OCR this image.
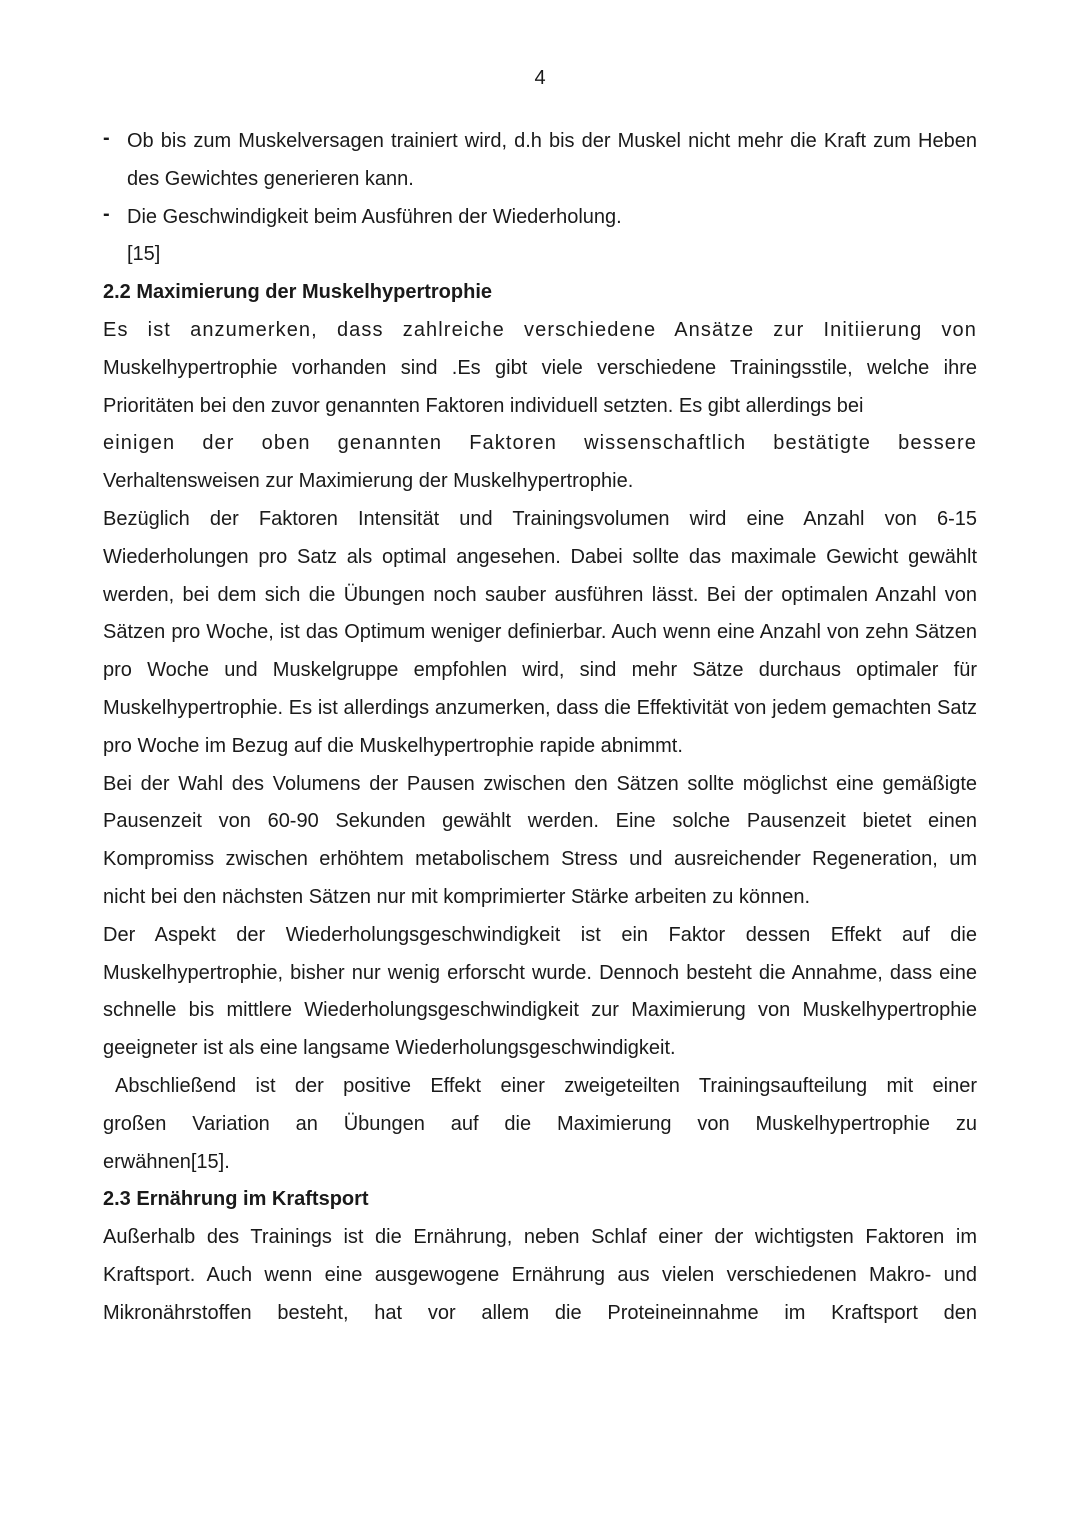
4
- Ob bis zum Muskelversagen trainiert wird, d.h bis der Muskel nicht mehr die Kraft zum Heben des Gewichtes generieren kann.
- Die Geschwindigkeit beim Ausführen der Wiederholung.
[15]
2.2 Maximierung der Muskelhypertrophie
Es ist anzumerken, dass zahlreiche verschiedene Ansätze zur Initiierung von
Muskelhypertrophie vorhanden sind .Es gibt viele verschiedene Trainingsstile, welche ihre Prioritäten bei den zuvor genannten Faktoren individuell setzten. Es gibt allerdings bei
einigen der oben genannten Faktoren wissenschaftlich bestätigte bessere
Verhaltensweisen zur Maximierung der Muskelhypertrophie.
Bezüglich der Faktoren Intensität und Trainingsvolumen wird eine Anzahl von 6-15 Wiederholungen pro Satz als optimal angesehen. Dabei sollte das maximale Gewicht gewählt werden, bei dem sich die Übungen noch sauber ausführen lässt. Bei der optimalen Anzahl von Sätzen pro Woche, ist das Optimum weniger definierbar. Auch wenn eine Anzahl von zehn Sätzen pro Woche und Muskelgruppe empfohlen wird, sind mehr Sätze durchaus optimaler für Muskelhypertrophie. Es ist allerdings anzumerken, dass die Effektivität von jedem gemachten Satz pro Woche im Bezug auf die Muskelhypertrophie rapide abnimmt.
Bei der Wahl des Volumens der Pausen zwischen den Sätzen sollte möglichst eine gemäßigte Pausenzeit von 60-90 Sekunden gewählt werden. Eine solche Pausenzeit bietet einen Kompromiss zwischen erhöhtem metabolischem Stress und ausreichender Regeneration, um nicht bei den nächsten Sätzen nur mit komprimierter Stärke arbeiten zu können.
Der Aspekt der Wiederholungsgeschwindigkeit ist ein Faktor dessen Effekt auf die Muskelhypertrophie, bisher nur wenig erforscht wurde. Dennoch besteht die Annahme, dass eine schnelle bis mittlere Wiederholungsgeschwindigkeit zur Maximierung von Muskelhypertrophie geeigneter ist als eine langsame Wiederholungsgeschwindigkeit.
Abschließend ist der positive Effekt einer zweigeteilten Trainingsaufteilung mit einer
großen Variation an Übungen auf die Maximierung von Muskelhypertrophie zu
erwähnen[15].
2.3 Ernährung im Kraftsport
Außerhalb des Trainings ist die Ernährung, neben Schlaf einer der wichtigsten Faktoren im Kraftsport. Auch wenn eine ausgewogene Ernährung aus vielen verschiedenen Makro- und Mikronährstoffen besteht, hat vor allem die Proteineinnahme im Kraftsport den
